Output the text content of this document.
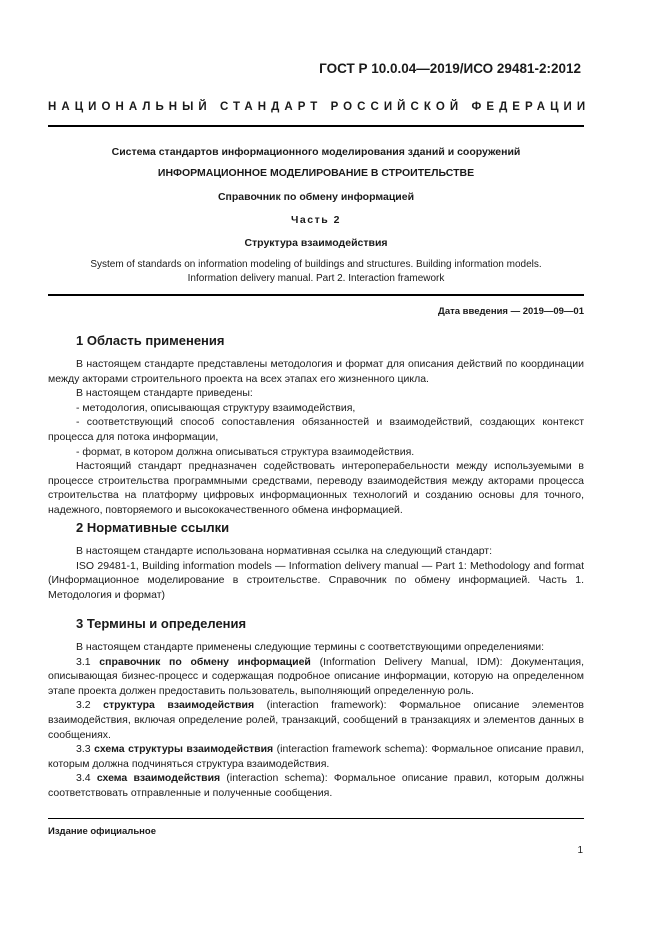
ГОСТ Р 10.0.04—2019/ИСО 29481-2:2012
НАЦИОНАЛЬНЫЙ СТАНДАРТ РОССИЙСКОЙ ФЕДЕРАЦИИ
Система стандартов информационного моделирования зданий и сооружений
ИНФОРМАЦИОННОЕ МОДЕЛИРОВАНИЕ В СТРОИТЕЛЬСТВЕ
Справочник по обмену информацией
Часть 2
Структура взаимодействия
System of standards on information modeling of buildings and structures. Building information models.
Information delivery manual. Part 2. Interaction framework
Дата введения — 2019—09—01
1 Область применения

В настоящем стандарте представлены методология и формат для описания действий по координации между акторами строительного проекта на всех этапах его жизненного цикла.

В настоящем стандарте приведены:

- методология, описывающая структуру взаимодействия,

- соответствующий способ сопоставления обязанностей и взаимодействий, создающих контекст процесса для потока информации,

- формат, в котором должна описываться структура взаимодействия.

Настоящий стандарт предназначен содействовать интероперабельности между используемыми в процессе строительства программными средствами, переводу взаимодействия между акторами процесса строительства на платформу цифровых информационных технологий и созданию основы для точного, надежного, повторяемого и высококачественного обмена информацией.

2 Нормативные ссылки

В настоящем стандарте использована нормативная ссылка на следующий стандарт:

ISO 29481-1, Building information models — Information delivery manual — Part 1: Methodology and format (Информационное моделирование в строительстве. Справочник по обмену информацией. Часть 1. Методология и формат)

3 Термины и определения

В настоящем стандарте применены следующие термины с соответствующими определениями:

3.1 справочник по обмену информацией (Information Delivery Manual, IDM): Документация, описывающая бизнес-процесс и содержащая подробное описание информации, которую на определенном этапе проекта должен предоставить пользователь, выполняющий определенную роль.

3.2 структура взаимодействия (interaction framework): Формальное описание элементов взаимодействия, включая определение ролей, транзакций, сообщений в транзакциях и элементов данных в сообщениях.

3.3 схема структуры взаимодействия (interaction framework schema): Формальное описание правил, которым должна подчиняться структура взаимодействия.

3.4 схема взаимодействия (interaction schema): Формальное описание правил, которым должны соответствовать отправленные и полученные сообщения.

Издание официальное
1
